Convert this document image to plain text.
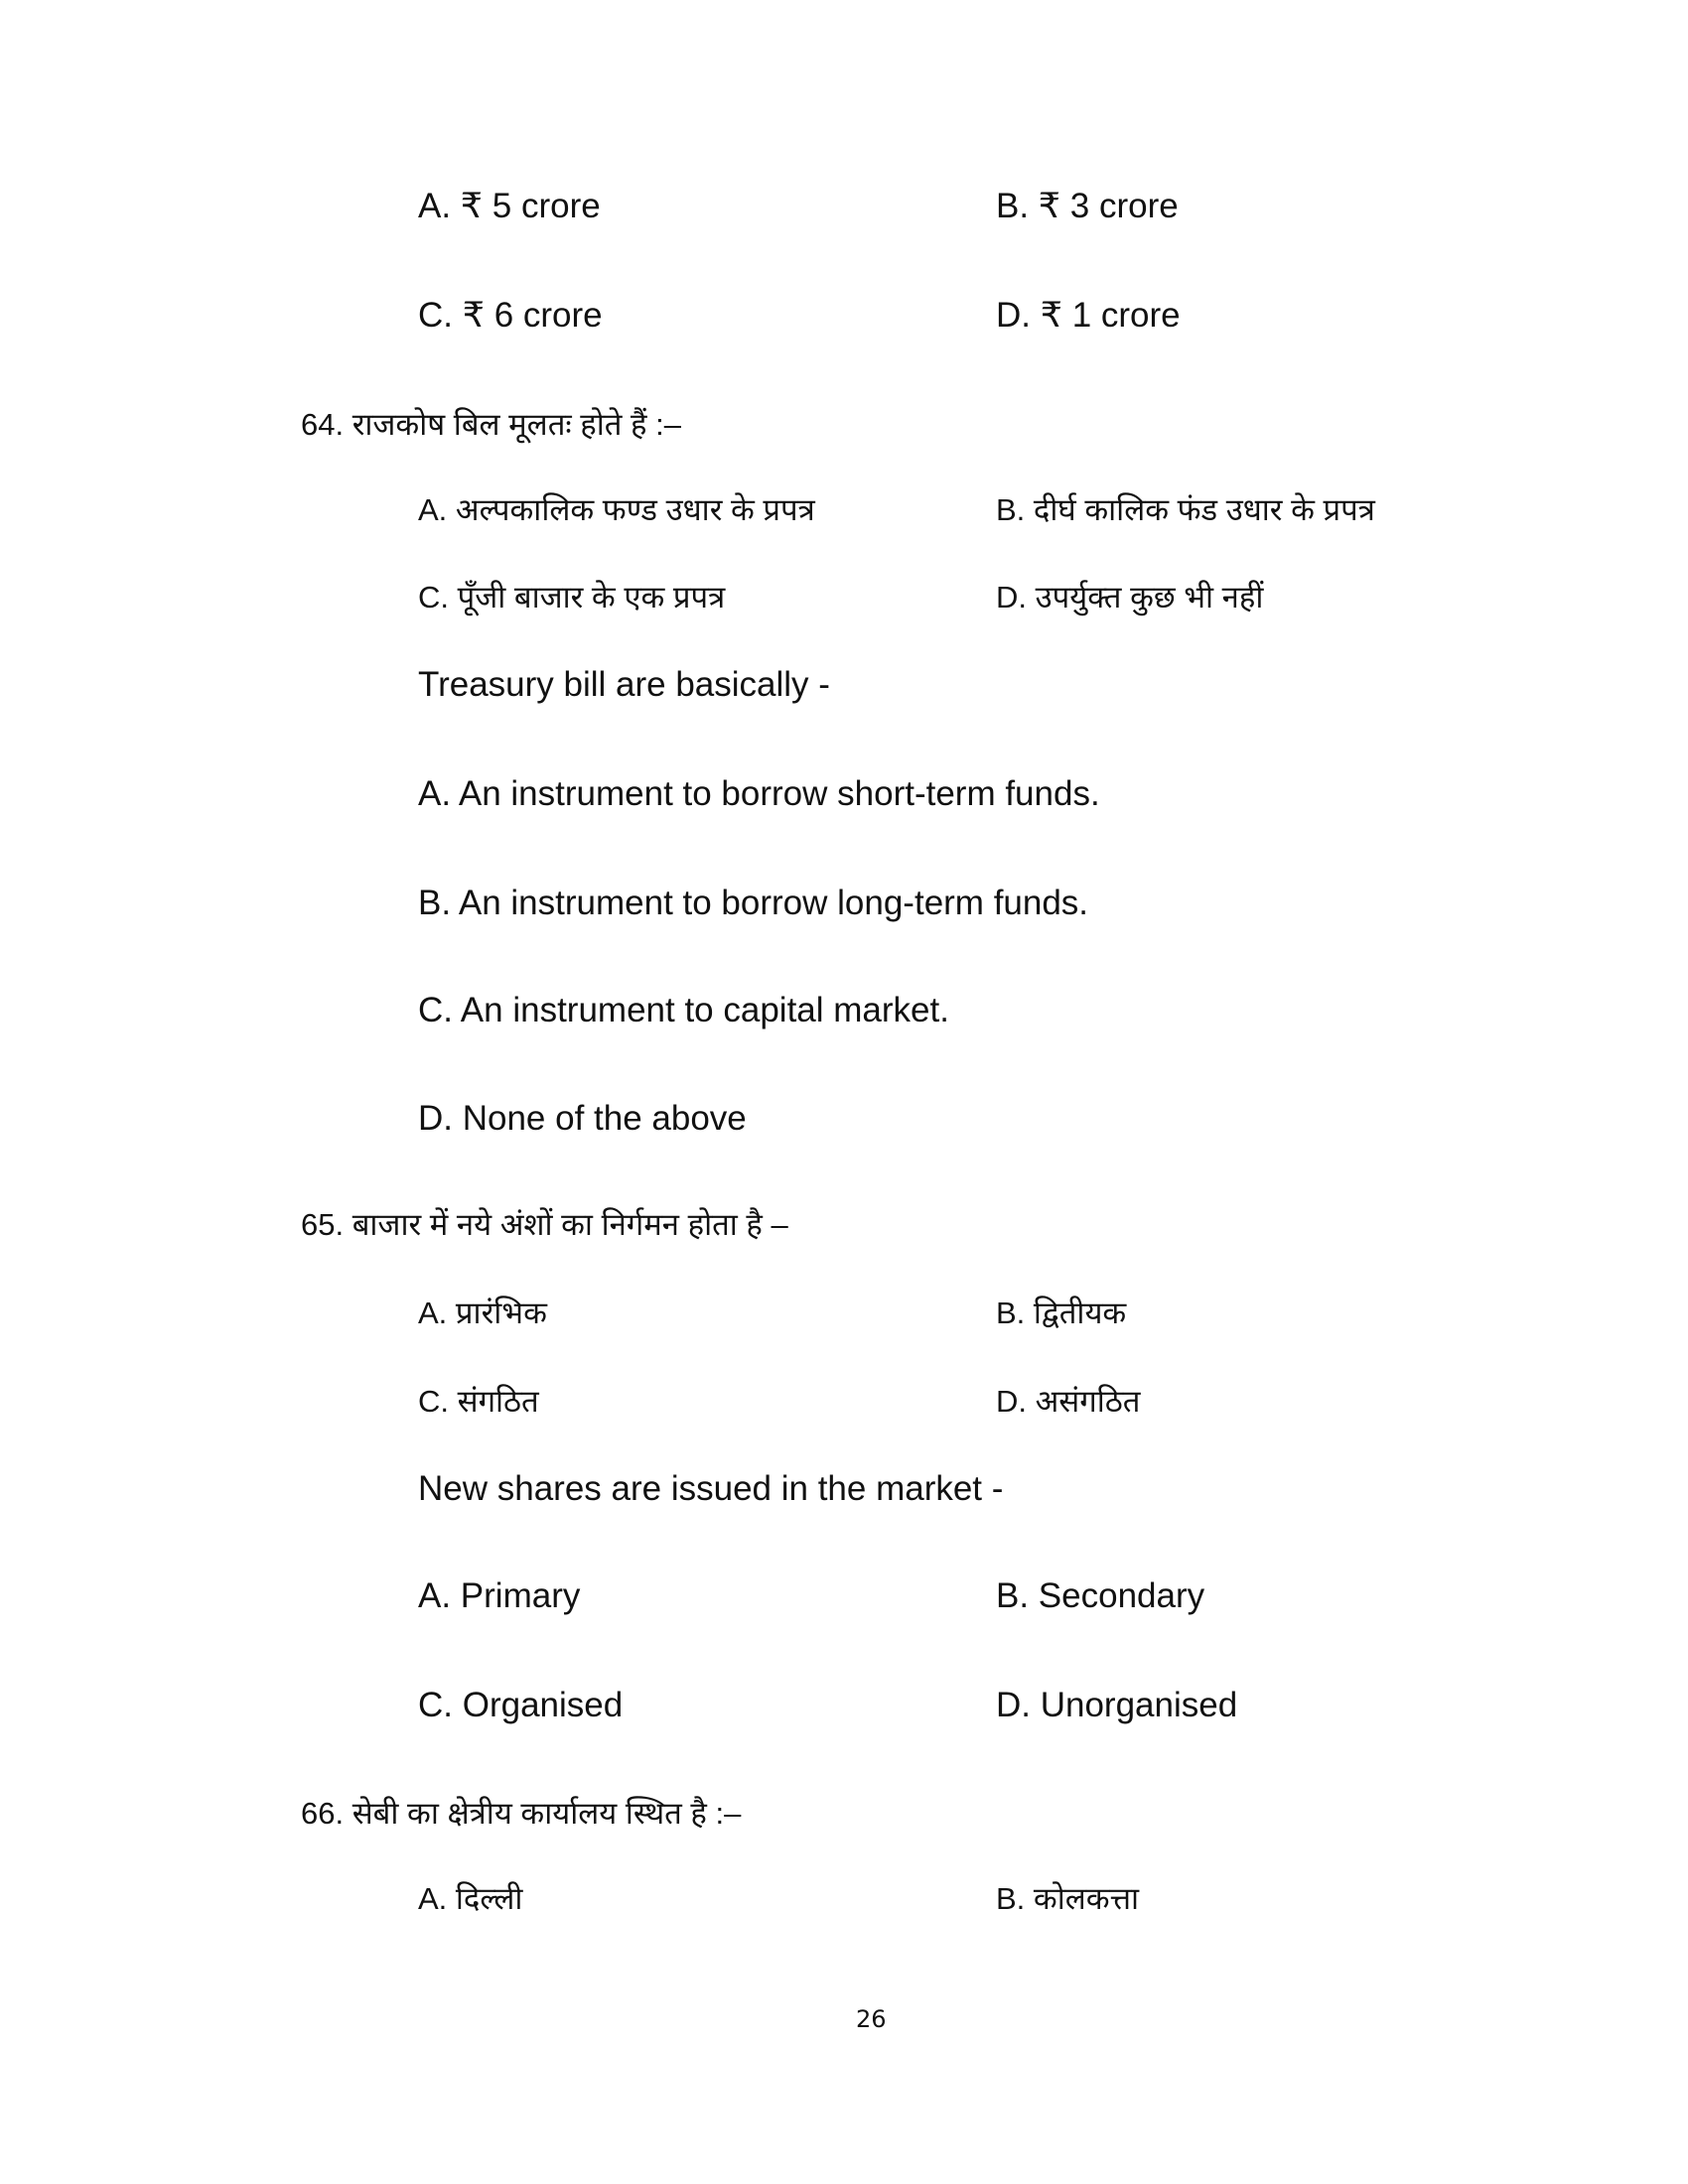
A. ₹ 5 crore	B. ₹ 3 crore
C. ₹ 6 crore	D. ₹ 1 crore
64. राजकोष बिल मूलतः होते हैं :–
A. अल्पकालिक फण्ड उधार के प्रपत्र	B. दीर्घ कालिक फंड उधार के प्रपत्र
C. पूँजी बाजार के एक प्रपत्र	D. उपर्युक्त कुछ भी नहीं
Treasury bill are basically -
A. An instrument to borrow short-term funds.
B. An instrument to borrow long-term funds.
C. An instrument to capital market.
D. None of the above
65. बाजार में नये अंशों का निर्गमन होता है –
A. प्रारंभिक	B. द्वितीयक
C. संगठित	D. असंगठित
New shares are issued in the market -
A. Primary	B. Secondary
C. Organised	D. Unorganised
66. सेबी का क्षेत्रीय कार्यालय स्थित है :–
A. दिल्ली	B. कोलकत्ता
26
